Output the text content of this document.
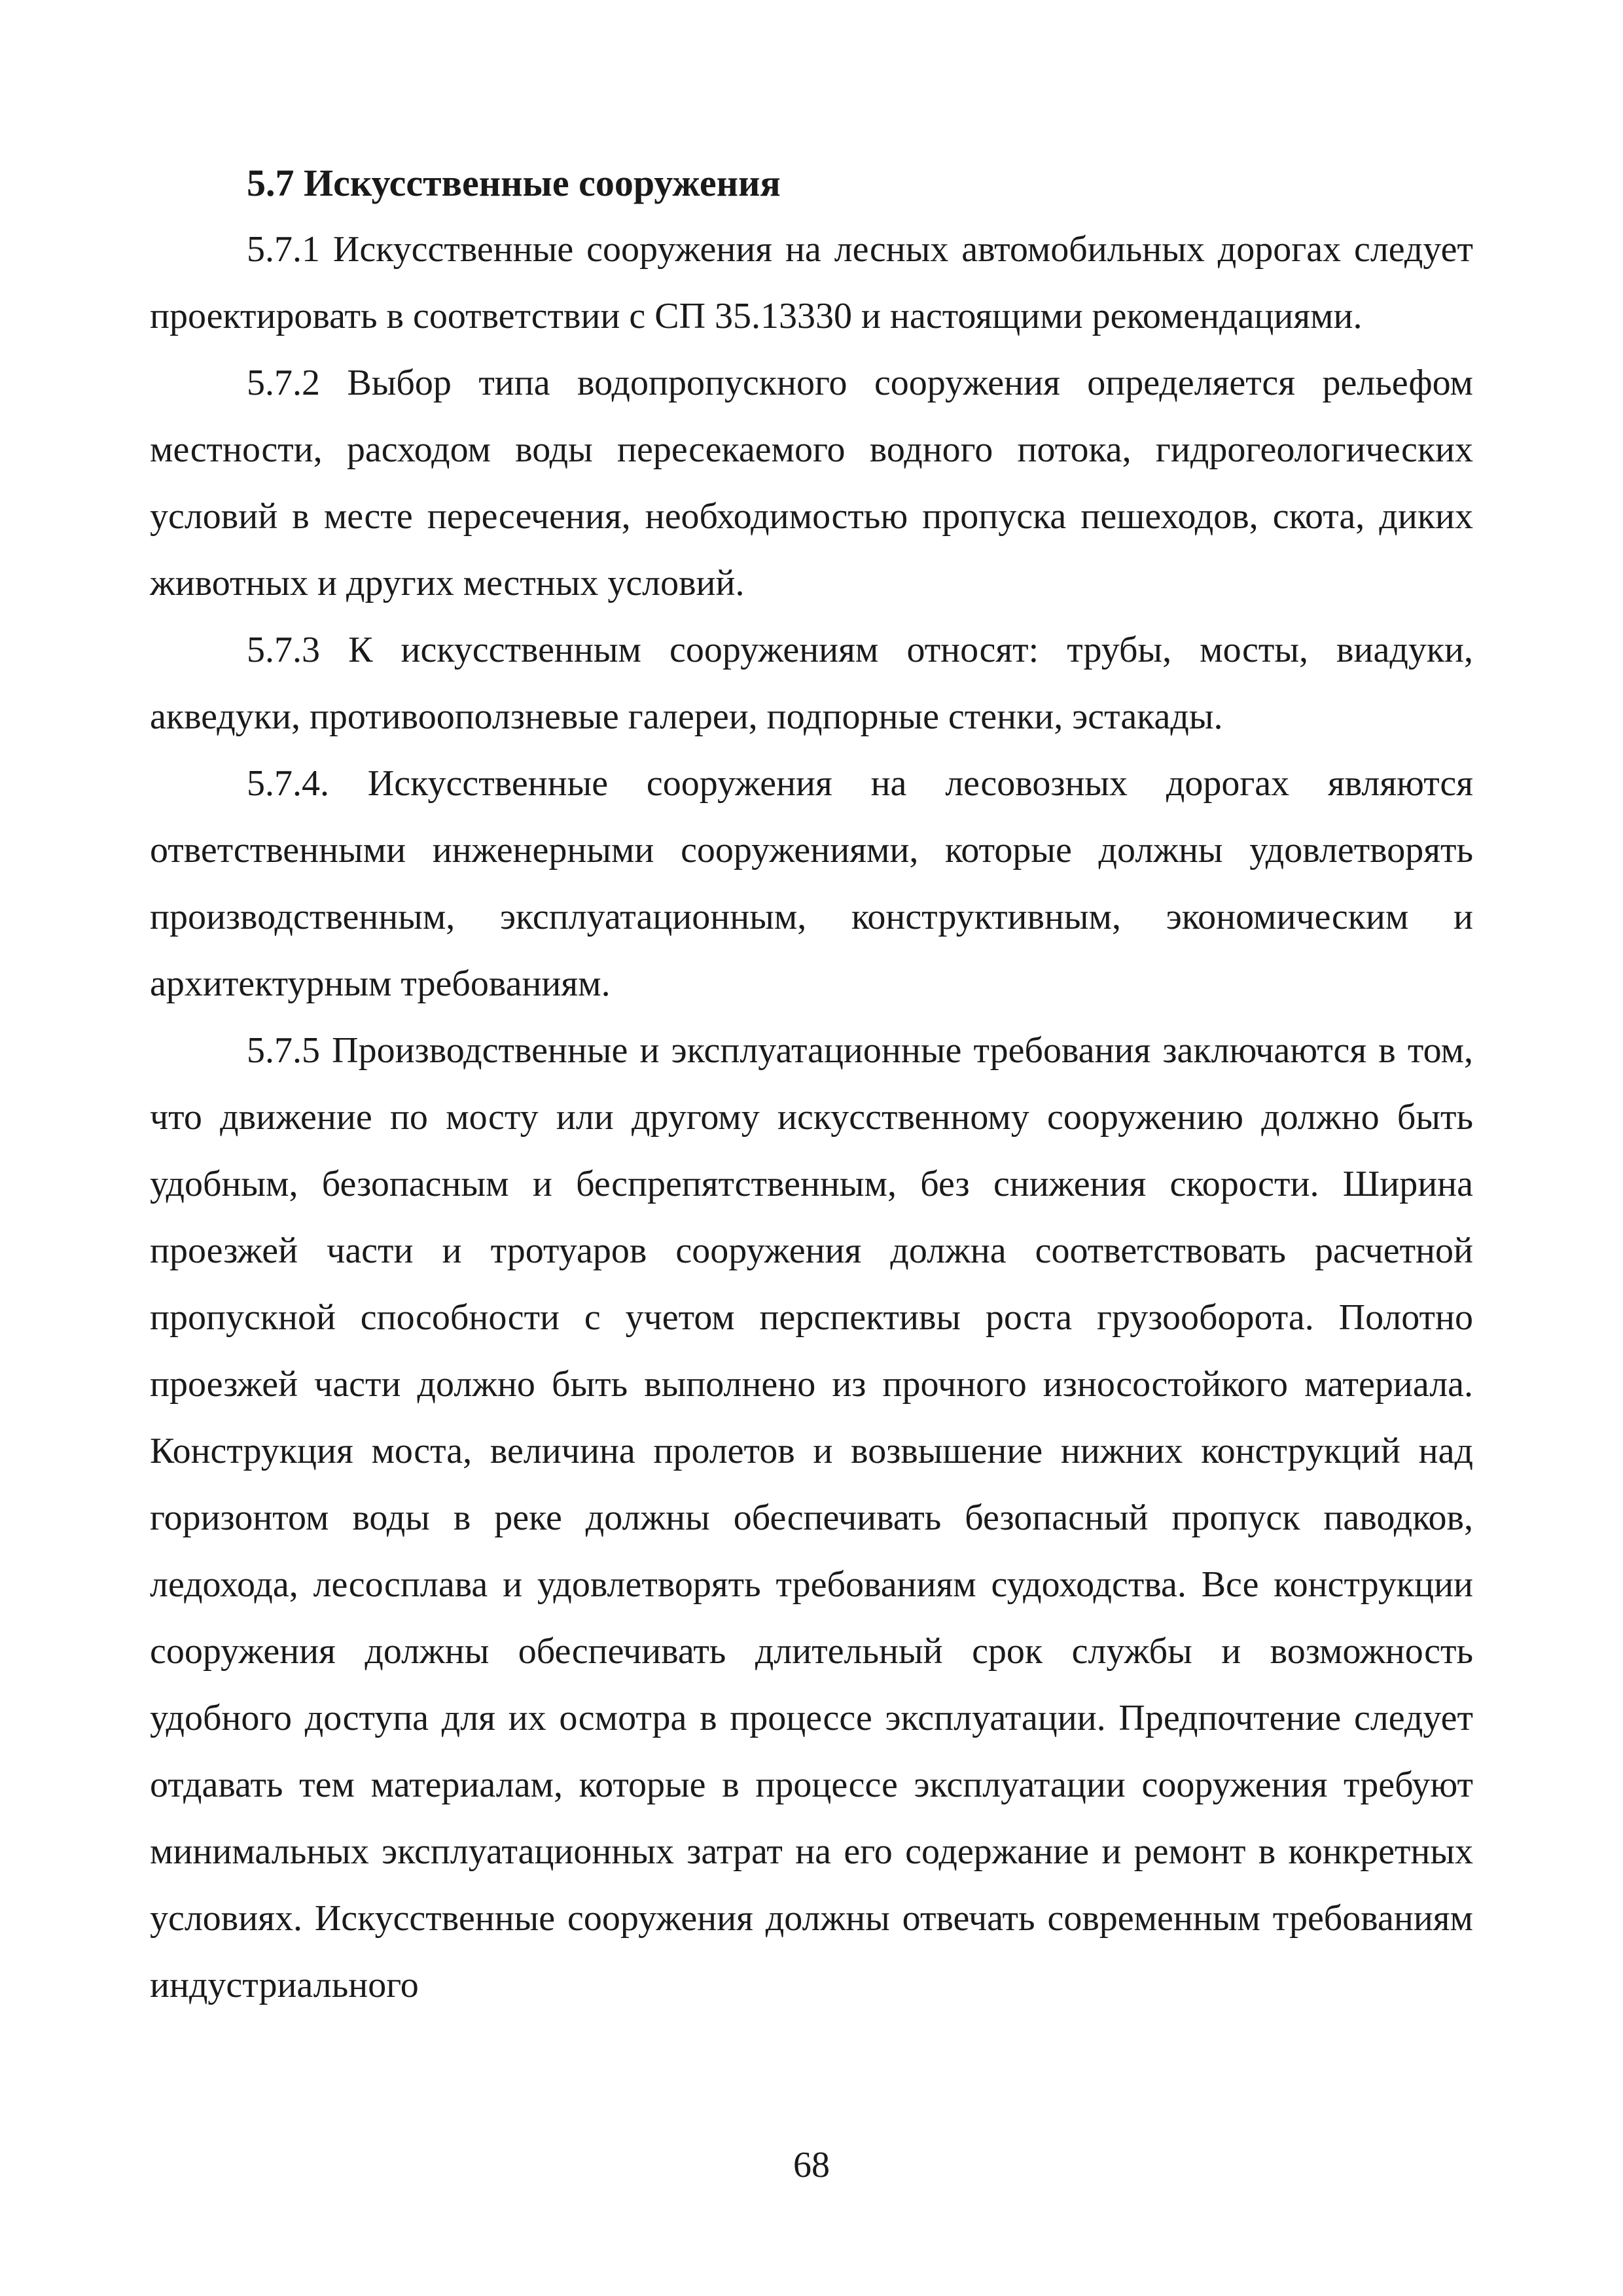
5.7 Искусственные сооружения

5.7.1 Искусственные сооружения на лесных автомобильных дорогах следует проектировать в соответствии с СП 35.13330 и настоящими рекомендациями.

5.7.2 Выбор типа водопропускного сооружения определяется рельефом местности, расходом воды пересекаемого водного потока, гидрогеологических условий в месте пересечения, необходимостью пропуска пешеходов, скота, диких животных и других местных условий.

5.7.3 К искусственным сооружениям относят: трубы, мосты, виадуки, акведуки, противооползневые галереи, подпорные стенки, эстакады.

5.7.4. Искусственные сооружения на лесовозных дорогах являются ответственными инженерными сооружениями, которые должны удовлетворять производственным, эксплуатационным, конструктивным, экономическим и архитектурным требованиям.

5.7.5 Производственные и эксплуатационные требования заключаются в том, что движение по мосту или другому искусственному сооружению должно быть удобным, безопасным и беспрепятственным, без снижения скорости. Ширина проезжей части и тротуаров сооружения должна соответствовать расчетной пропускной способности с учетом перспективы роста грузооборота. Полотно проезжей части должно быть выполнено из прочного износостойкого материала. Конструкция моста, величина пролетов и возвышение нижних конструкций над горизонтом воды в реке должны обеспечивать безопасный пропуск паводков, ледохода, лесосплава и удовлетворять требованиям судоходства. Все конструкции сооружения должны обеспечивать длительный срок службы и возможность удобного доступа для их осмотра в процессе эксплуатации. Предпочтение следует отдавать тем материалам, которые в процессе эксплуатации сооружения требуют минимальных эксплуатационных затрат на его содержание и ремонт в конкретных условиях. Искусственные сооружения должны отвечать современным требованиям индустриального

68
